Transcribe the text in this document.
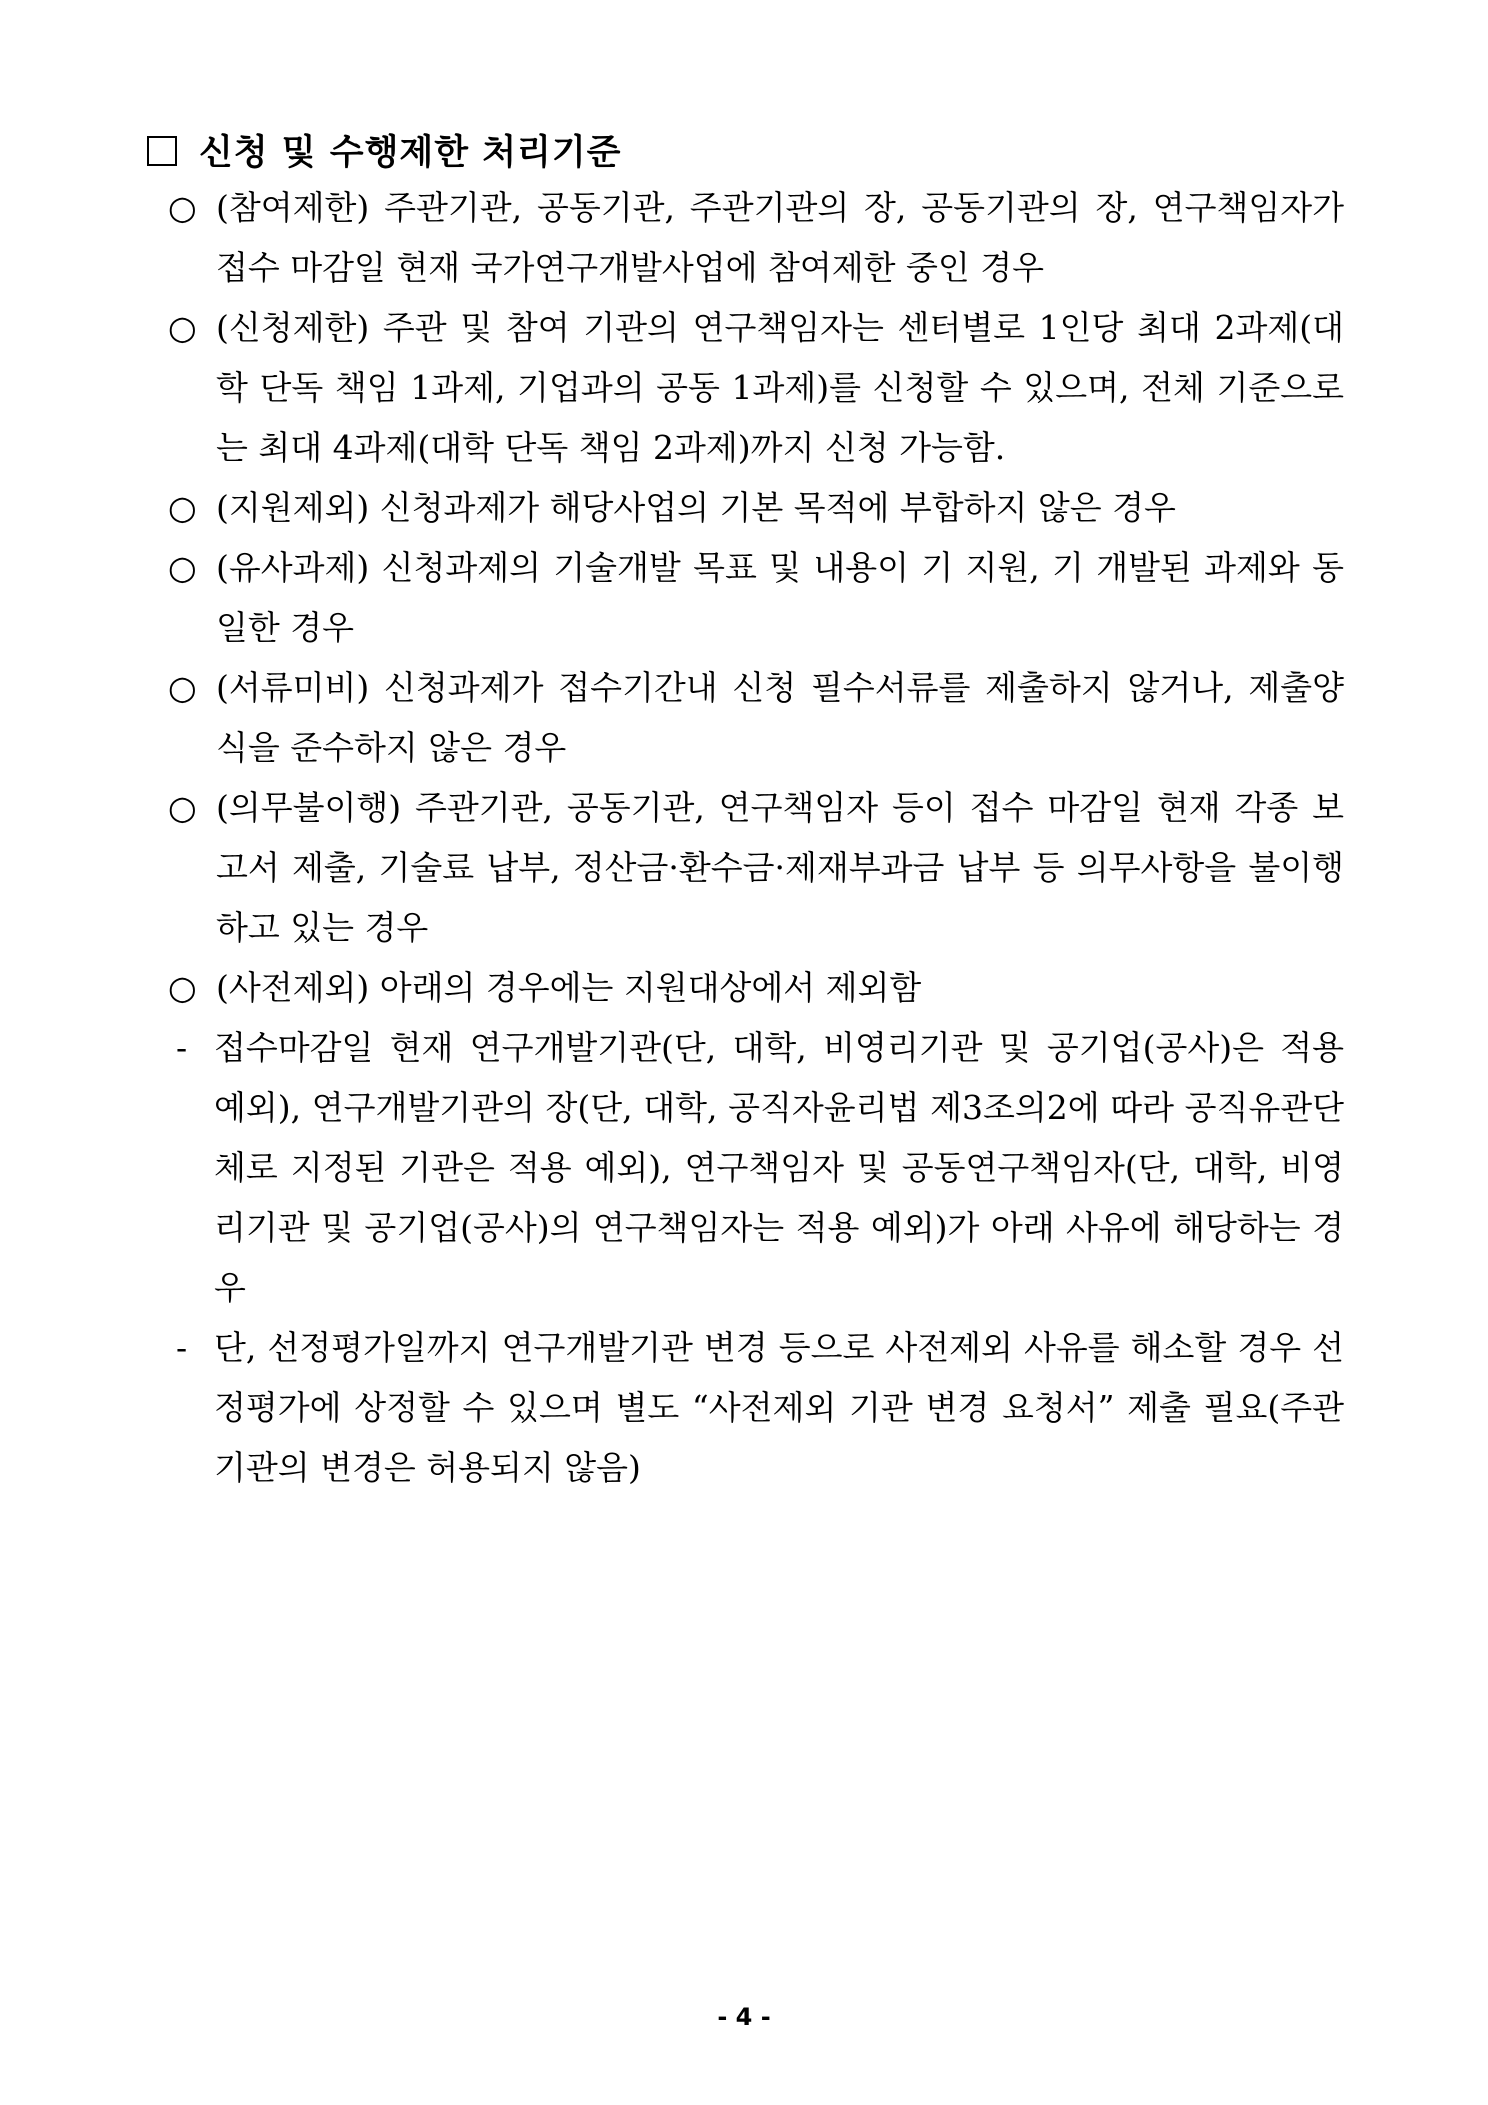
신청 및 수행제한 처리기준
○ (참여제한) 주관기관, 공동기관, 주관기관의 장, 공동기관의 장, 연구책임자가 접수 마감일 현재 국가연구개발사업에 참여제한 중인 경우
○ (신청제한) 주관 및 참여 기관의 연구책임자는 센터별로 1인당 최대 2과제(대학 단독 책임 1과제, 기업과의 공동 1과제)를 신청할 수 있으며, 전체 기준으로는 최대 4과제(대학 단독 책임 2과제)까지 신청 가능함.
○ (지원제외) 신청과제가 해당사업의 기본 목적에 부합하지 않은 경우
○ (유사과제) 신청과제의 기술개발 목표 및 내용이 기 지원, 기 개발된 과제와 동일한 경우
○ (서류미비) 신청과제가 접수기간내 신청 필수서류를 제출하지 않거나, 제출양식을 준수하지 않은 경우
○ (의무불이행) 주관기관, 공동기관, 연구책임자 등이 접수 마감일 현재 각종 보고서 제출, 기술료 납부, 정산금·환수금·제재부과금 납부 등 의무사항을 불이행하고 있는 경우
○ (사전제외) 아래의 경우에는 지원대상에서 제외함
- 접수마감일 현재 연구개발기관(단, 대학, 비영리기관 및 공기업(공사)은 적용 예외), 연구개발기관의 장(단, 대학, 공직자윤리법 제3조의2에 따라 공직유관단체로 지정된 기관은 적용 예외), 연구책임자 및 공동연구책임자(단, 대학, 비영리기관 및 공기업(공사)의 연구책임자는 적용 예외)가 아래 사유에 해당하는 경우
- 단, 선정평가일까지 연구개발기관 변경 등으로 사전제외 사유를 해소할 경우 선정평가에 상정할 수 있으며 별도 “사전제외 기관 변경 요청서” 제출 필요(주관기관의 변경은 허용되지 않음)
- 4 -
